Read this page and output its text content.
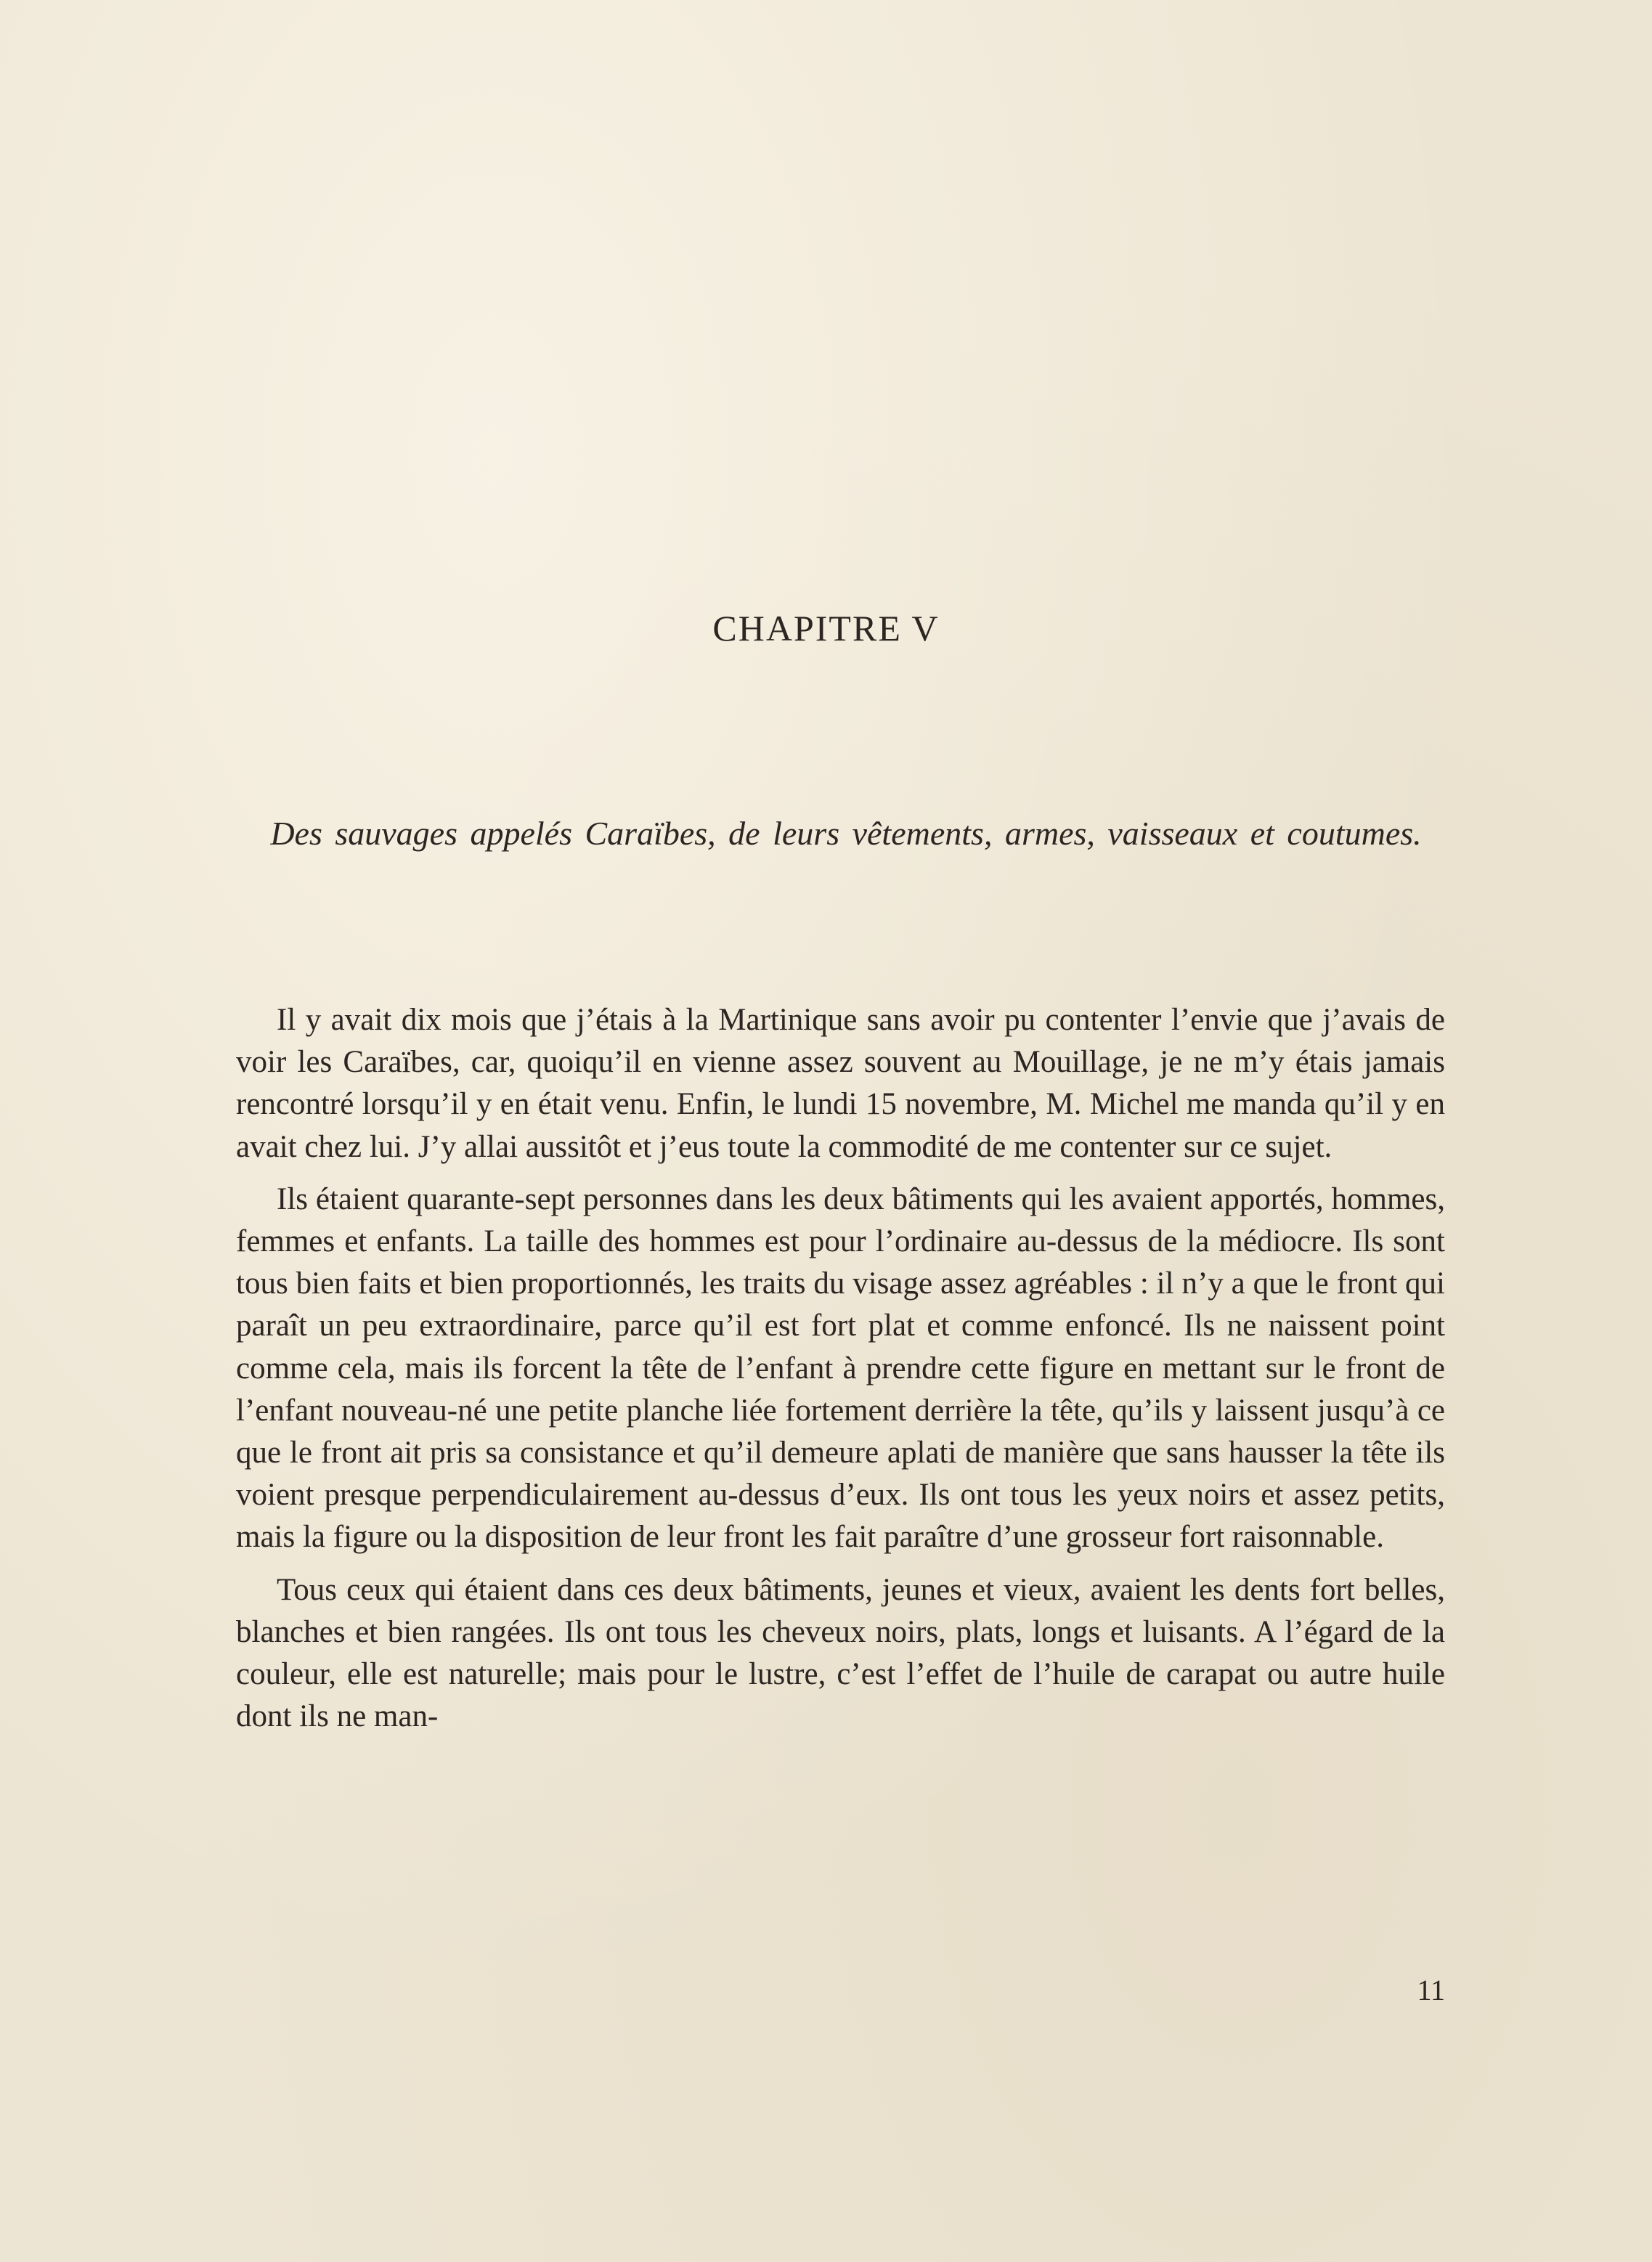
CHAPITRE V
Des sauvages appelés Caraïbes, de leurs vêtements, armes, vaisseaux et coutumes.

Il y avait dix mois que j’étais à la Martinique sans avoir pu contenter l’envie que j’avais de voir les Caraïbes, car, quoiqu’il en vienne assez souvent au Mouillage, je ne m’y étais jamais rencontré lorsqu’il y en était venu. Enfin, le lundi 15 novembre, M. Michel me manda qu’il y en avait chez lui. J’y allai aussitôt et j’eus toute la commodité de me contenter sur ce sujet.

Ils étaient quarante-sept personnes dans les deux bâtiments qui les avaient apportés, hommes, femmes et enfants. La taille des hommes est pour l’ordinaire au-dessus de la médiocre. Ils sont tous bien faits et bien proportionnés, les traits du visage assez agréables : il n’y a que le front qui paraît un peu extraordinaire, parce qu’il est fort plat et comme enfoncé. Ils ne naissent point comme cela, mais ils forcent la tête de l’enfant à prendre cette figure en mettant sur le front de l’enfant nouveau-né une petite planche liée fortement derrière la tête, qu’ils y laissent jusqu’à ce que le front ait pris sa consistance et qu’il demeure aplati de manière que sans hausser la tête ils voient presque perpendiculairement au-dessus d’eux. Ils ont tous les yeux noirs et assez petits, mais la figure ou la disposition de leur front les fait paraître d’une grosseur fort raisonnable.

Tous ceux qui étaient dans ces deux bâtiments, jeunes et vieux, avaient les dents fort belles, blanches et bien rangées. Ils ont tous les cheveux noirs, plats, longs et luisants. A l’égard de la couleur, elle est naturelle; mais pour le lustre, c’est l’effet de l’huile de carapat ou autre huile dont ils ne man-

11
